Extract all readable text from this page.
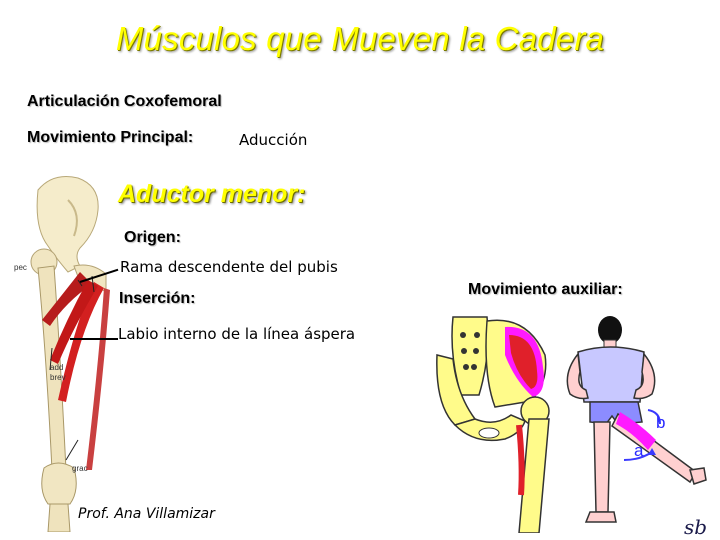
Músculos que Mueven la Cadera
Articulación Coxofemoral
Movimiento Principal:	Aducción
pec
add
brev
grac
Aductor menor:
Origen:
Rama descendente del pubis
Inserción:
Labio interno de la línea áspera
Movimiento auxiliar:
b
a
sb
Prof. Ana Villamizar
